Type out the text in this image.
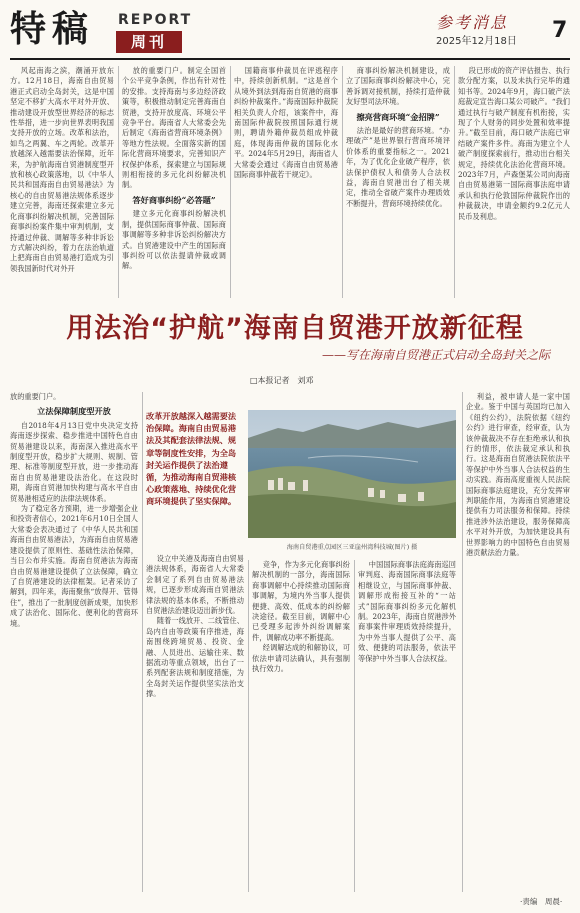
特稿 REPORT
周刊
参考消息
2025年12月18日 7

风起南海之滨，潮涌开放东方。12月18日，海南自由贸易港正式启动全岛封关，这是中国坚定不移扩大高水平对外开放、推动建设开放型世界经济的标志性举措，进一步向世界表明我国支持开放的立场。改革和法治，如鸟之两翼、车之两轮。改革开放越深入越需要法治保障，近年来，为护航海南自贸港制度型开放和核心政策落地，以《中华人民共和国海南自由贸易港法》为核心的自由贸易港法规体系逐步建立完善，海南还探索建立多元化商事纠纷解决机制，完善国际商事纠纷案件集中审判机制，支持通过仲裁、调解等多种非诉讼方式解决纠纷，着力在法治轨道上把海南自由贸易港打造成为引领我国新时代对外开

放的重要门户。制定全国首个公平竞争条例，作出有针对性的安排。支持海南与多边经济政策等，积极推动制定完善海南自贸港，支持开放度高、环境公平竞争平台。海南省人大常委会先后制定《海南省营商环境条例》等地方性法规。全面落实新的国际化营商环境要求，完善知识产权保护体系，探索建立与国际规则相衔接的多元化纠纷解决机制。

答好商事纠纷“必答题”

建立多元化商事纠纷解决机制，提供国际商事仲裁、国际商事调解等多种非诉讼纠纷解决方式。自贸港建设中产生的国际商事纠纷可以依法提请仲裁或调解。

国籍商事仲裁员在评逃程序中，持续创新机制。“这是首个从境外到法到海南自贸港的商事纠纷仲裁案件。”海南国际仲裁院相关负责人介绍，该案件中，海南国际仲裁院按照国际通行规则，聘请外籍仲裁员组成仲裁庭，体现海南仲裁的国际化水平。2024年5月29日，海南省人大常委会通过《海南自由贸易港国际商事仲裁若干规定》。

商事纠纷解决机制建设，成立了国际商事纠纷解决中心，完善诉调对接机制，持续打造仲裁友好型司法环境。

擦亮营商环境“金招牌”

法治是最好的营商环境。“办理破产”是世界银行营商环境评价体系的重要指标之一。2021年，为了优化企业破产程序，依法保护债权人和债务人合法权益，海南自贸港出台了相关规定，推动全省破产案件办理质效不断提升，营商环境持续优化。

段已形成的资产评估报告、执行款分配方案，以及未执行完毕的通知书等。2024年9月，海口破产法庭裁定宣告海口某公司破产。“我们通过执行与破产制度有机衔接，实现了个人财务的同步处置和效率提升。”截至目前，海口破产法庭已审结破产案件多件。海南为建立个人破产制度探索前行，推动出台相关规定，持续优化法治化营商环境。2023年7月，卢森堡某公司向海南自由贸易港第一国际商事法庭申请承认和执行伦敦国际仲裁院作出的仲裁裁决，申请金额约9.2亿元人民币及利息。

用法治“护航”海南自贸港开放新征程
——写在海南自贸港正式启动全岛封关之际
□本报记者　刘邓

放的重要门户。

立法保障制度型开放

自2018年4月13日党中央决定支持海南逐步探索、稳步推进中国特色自由贸易港建设以来，海南深入推进高水平制度型开放，稳步扩大规则、规制、管理、标准等制度型开放，进一步推动海南自由贸易港建设法治化。在这段时期，海南自贸港加快构建与高水平自由贸易港相适应的法律法规体系。

为了稳定各方预期，进一步增强企业和投资者信心，2021年6月10日全国人大常委会表决通过了《中华人民共和国海南自由贸易港法》，为海南自由贸易港建设提供了原则性、基础性法治保障，当日公布并实施。海南自贸港法为海南自由贸易港建设提供了立法保障，确立了自贸港建设的法律框架。记者采访了解到，四年来，海南聚焦“放得开、管得住”，推出了一批制度创新成果，加快形成了法治化、国际化、便利化的营商环境。

改革开放越深入越需要法治保障。海南自由贸易港法及其配套法律法规、规章等制度性安排，为全岛封关运作提供了法治遵循，为推动海南自贸港核心政策落地、持续优化营商环境提供了坚实保障。
海南自贸港重点园区三亚崖州湾科技城(图片) 摄

设立中关港及海南自由贸易港法规体系，海南省人大常委会制定了系列自由贸易港法规，已逐步形成海南自贸港法律法规的基本体系，不断推动自贸港法治建设迈出新步伐。

随着一线放开、二线管住、岛内自由等政策有序推进，海南围绕跨境贸易、投资、金融、人员进出、运输往来、数据流动等重点领域，出台了一系列配套法规和制度措施，为全岛封关运作提供坚实法治支撑。

竞争，作为多元化商事纠纷解决机制的一部分，海南国际商事调解中心持续推动国际商事调解，为境内外当事人提供便捷、高效、低成本的纠纷解决途径。截至目前，调解中心已受理多起涉外纠纷调解案件，调解成功率不断提高。

经调解达成的和解协议，可依法申请司法确认，具有强制执行效力。

中国国际商事法庭海南巡回审判庭、海南国际商事法庭等相继设立，与国际商事仲裁、调解形成衔接互补的“一站式”国际商事纠纷多元化解机制。2023年，海南自贸港涉外商事案件审理质效持续提升，为中外当事人提供了公平、高效、便捷的司法服务，依法平等保护中外当事人合法权益。

利益，被申请人是一家中国企业。鉴于中国与英国均已加入《纽约公约》，法院依据《纽约公约》进行审查，经审查，认为该仲裁裁决不存在拒绝承认和执行的情形，依法裁定承认和执行。这是海南自贸港法院依法平等保护中外当事人合法权益的生动实践。海南高度重视人民法院国际商事法庭建设，充分发挥审判职能作用，为海南自贸港建设提供有力司法服务和保障。持续推进涉外法治建设，服务保障高水平对外开放，为加快建设具有世界影响力的中国特色自由贸易港贡献法治力量。

·责编　周晨·
